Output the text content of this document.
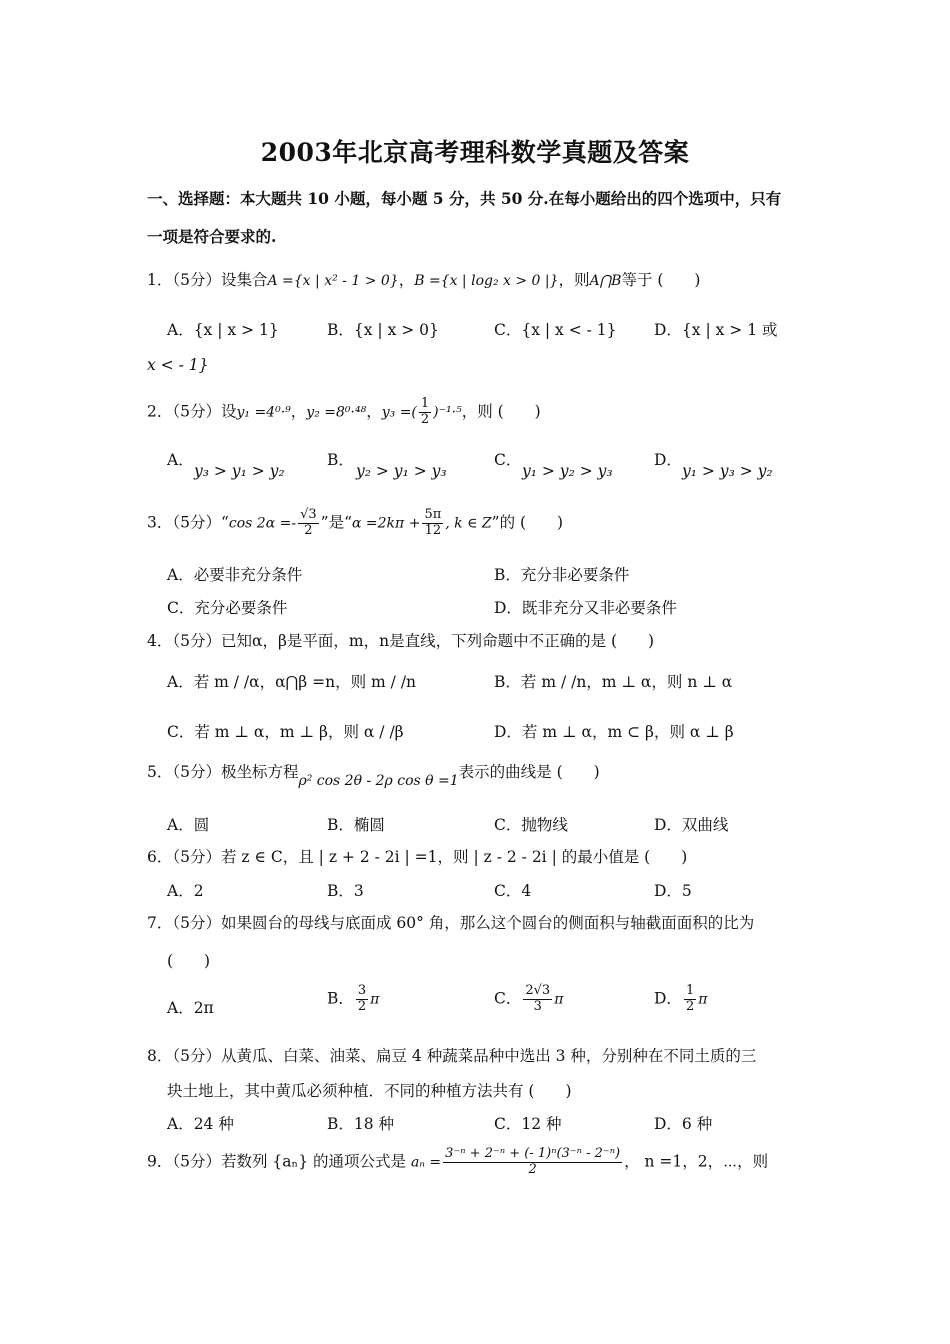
2003年北京高考理科数学真题及答案
一、选择题：本大题共 10 小题，每小题 5 分，共 50 分.在每小题给出的四个选项中，只有
一项是符合要求的.
1．（5分）设集合A ={x | x² - 1 > 0}，B ={x | log₂ x > 0 |}，则A⋂B等于 (　　)
A．{x | x > 1}	B．{x | x > 0}	C．{x | x < - 1} D．{x | x > 1 或
x < - 1}
2．（5分）设y₁ =4⁰·⁹，y₂ =8⁰·⁴⁸，y₃ =( $\frac{1}{2} )^{-1}\cdot^5$，则 (　　)
A．
y₃ > y₁ > y₂
B．
y₂ > y₁ > y₃
C．
y₁ > y₂ > y₃
D．
y₁ > y₃ > y₂
3．（5分）“cos $2\alpha =- \frac{√3}{2}$ ”是“$\alpha =2k\pi + \frac{5\pi}{12}$ , k ∈ Z”的 (　　)
A．必要非充分条件	B．充分非必要条件
C．充分必要条件	D．既非充分又非必要条件
4．（5分）已知α，β是平面，m，n是直线，下列命题中不正确的是 (　　)
A．若 m / /α，α⋂β =n，则 m / /n	B．若 m / /n，m ⊥ α，则 n ⊥ α
C．若 m ⊥ α，m ⊥ β，则 α / /β	D．若 m ⊥ α，m ⊂ β，则 α ⊥ β
5．（5分）极坐标方程ρ² cos 2θ - 2ρ cos θ =1表示的曲线是 (　　)
A．圆	B．椭圆	C．抛物线	D．双曲线
6．（5分）若 z ∈ C，且 | z + 2 - 2i | =1，则 | z - 2 - 2i | 的最小值是 (　　)
A．2	B．3	C．4	D．5
7．（5分）如果圆台的母线与底面成 60° 角，那么这个圆台的侧面积与轴截面面积的比为
(　　)
A．2π
B． $\frac{3}{2}$ π	C． $\frac{2√3}{3}$ π	D． $\frac{1}{2}$ π
8．（5分）从黄瓜、白菜、油菜、扁豆 4 种蔬菜品种中选出 3 种，分别种在不同土质的三
块土地上，其中黄瓜必须种植．不同的种植方法共有 (　　)
A．24 种	B．18 种	C．12 种	D．6 种
9．（5分）若数列 {aₙ} 的通项公式是 $a_n = \frac{\text{3⁻ⁿ + 2⁻ⁿ + (- 1)ⁿ(3⁻ⁿ - 2⁻ⁿ)}}{2}$ ， n =1，2，⋯，则
